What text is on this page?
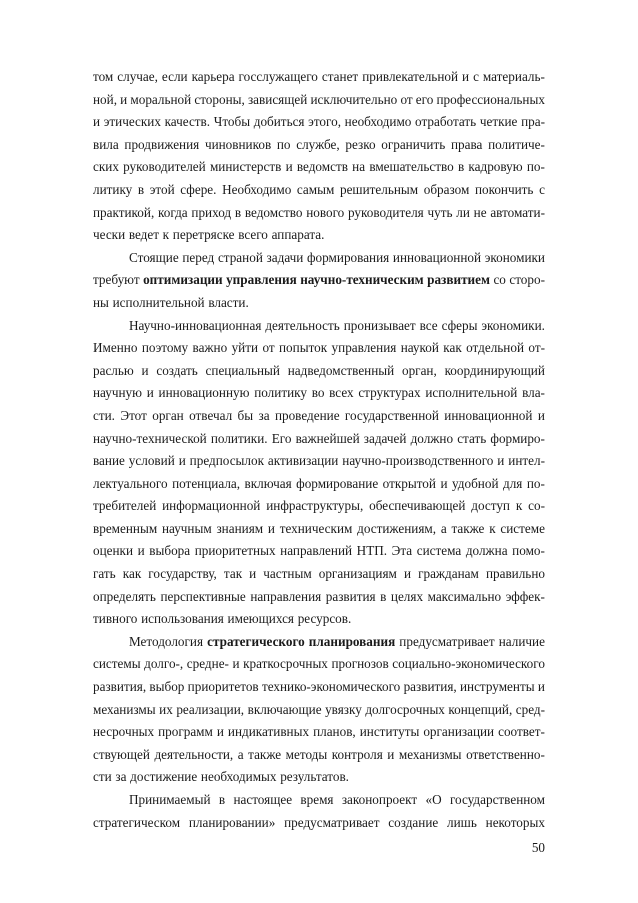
том случае, если карьера госслужащего станет привлекательной и с материаль-
ной, и моральной стороны, зависящей исключительно от его профессиональных
и этических качеств. Чтобы добиться этого, необходимо отработать четкие пра-
вила продвижения чиновников по службе, резко ограничить права политиче-
ских руководителей министерств и ведомств на вмешательство в кадровую по-
литику в этой сфере. Необходимо самым решительным образом покончить с
практикой, когда приход в ведомство нового руководителя чуть ли не автомати-
чески ведет к перетряске всего аппарата.
Стоящие перед страной задачи формирования инновационной экономики
требуют оптимизации управления научно-техническим развитием со сторо-
ны исполнительной власти.
Научно-инновационная деятельность пронизывает все сферы экономики.
Именно поэтому важно уйти от попыток управления наукой как отдельной от-
раслью и создать специальный надведомственный орган, координирующий
научную и инновационную политику во всех структурах исполнительной вла-
сти. Этот орган отвечал бы за проведение государственной инновационной и
научно-технической политики. Его важнейшей задачей должно стать формиро-
вание условий и предпосылок активизации научно-производственного и интел-
лектуального потенциала, включая формирование открытой и удобной для по-
требителей информационной инфраструктуры, обеспечивающей доступ к со-
временным научным знаниям и техническим достижениям, а также к системе
оценки и выбора приоритетных направлений НТП. Эта система должна помо-
гать как государству, так и частным организациям и гражданам правильно
определять перспективные направления развития в целях максимально эффек-
тивного использования имеющихся ресурсов.
Методология стратегического планирования предусматривает наличие
системы долго-, средне- и краткосрочных прогнозов социально-экономического
развития, выбор приоритетов технико-экономического развития, инструменты и
механизмы их реализации, включающие увязку долгосрочных концепций, сред-
несрочных программ и индикативных планов, институты организации соответ-
ствующей деятельности, а также методы контроля и механизмы ответственно-
сти за достижение необходимых результатов.
Принимаемый в настоящее время законопроект «О государственном
стратегическом планировании» предусматривает создание лишь некоторых
50
